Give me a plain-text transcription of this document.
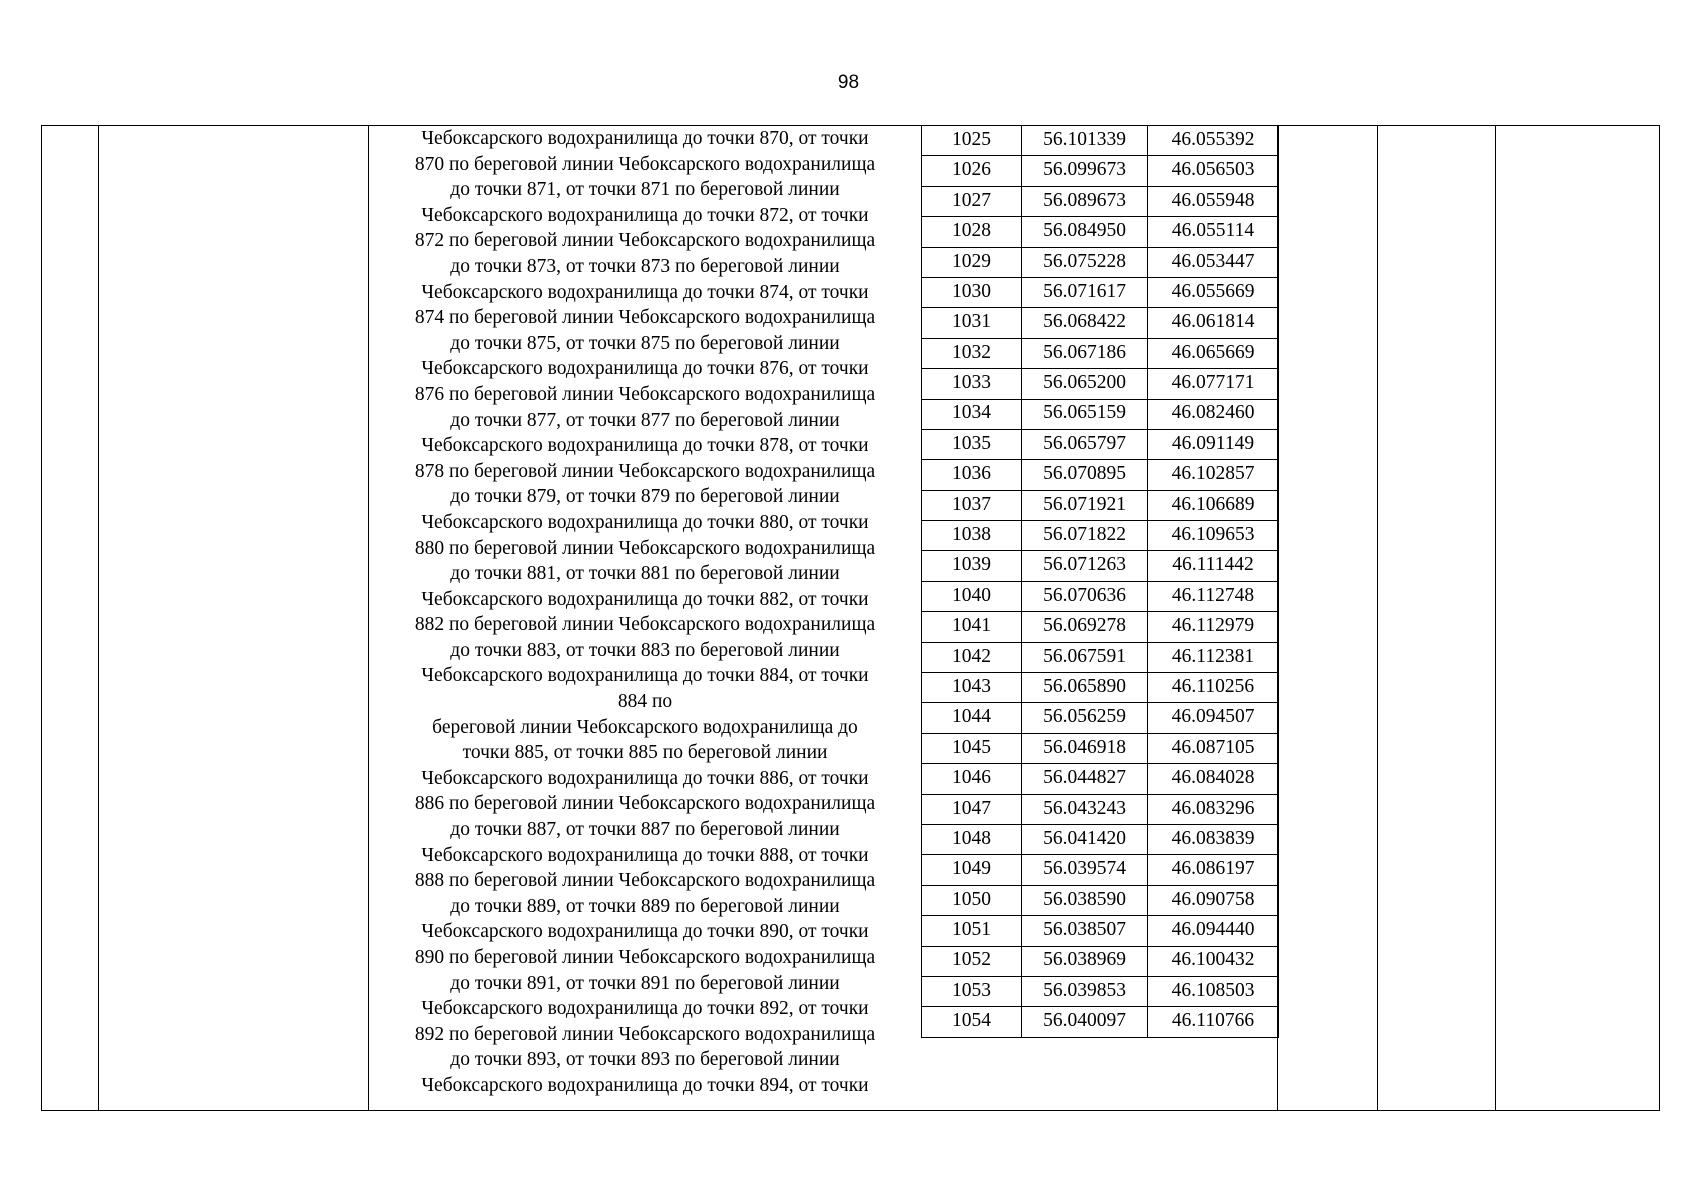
98
Чебоксарского водохранилища до точки 870, от точки
870 по береговой линии Чебоксарского водохранилища
до точки 871, от точки 871 по береговой линии
Чебоксарского водохранилища до точки 872, от точки
872 по береговой линии Чебоксарского водохранилища
до точки 873, от точки 873 по береговой линии
Чебоксарского водохранилища до точки 874, от точки
874 по береговой линии Чебоксарского водохранилища
до точки 875, от точки 875 по береговой линии
Чебоксарского водохранилища до точки 876, от точки
876 по береговой линии Чебоксарского водохранилища
до точки 877, от точки 877 по береговой линии
Чебоксарского водохранилища до точки 878, от точки
878 по береговой линии Чебоксарского водохранилища
до точки 879, от точки 879 по береговой линии
Чебоксарского водохранилища до точки 880, от точки
880 по береговой линии Чебоксарского водохранилища
до точки 881, от точки 881 по береговой линии
Чебоксарского водохранилища до точки 882, от точки
882 по береговой линии Чебоксарского водохранилища
до точки 883, от точки 883 по береговой линии
Чебоксарского водохранилища до точки 884, от точки
884 по
береговой линии Чебоксарского водохранилища до
точки 885, от точки 885 по береговой линии
Чебоксарского водохранилища до точки 886, от точки
886 по береговой линии Чебоксарского водохранилища
до точки 887, от точки 887 по береговой линии
Чебоксарского водохранилища до точки 888, от точки
888 по береговой линии Чебоксарского водохранилища
до точки 889, от точки 889 по береговой линии
Чебоксарского водохранилища до точки 890, от точки
890 по береговой линии Чебоксарского водохранилища
до точки 891, от точки 891 по береговой линии
Чебоксарского водохранилища до точки 892, от точки
892 по береговой линии Чебоксарского водохранилища
до точки 893, от точки 893 по береговой линии
Чебоксарского водохранилища до точки 894, от точки
1025	56.101339	46.055392
1026	56.099673	46.056503
1027	56.089673	46.055948
1028	56.084950	46.055114
1029	56.075228	46.053447
1030	56.071617	46.055669
1031	56.068422	46.061814
1032	56.067186	46.065669
1033	56.065200	46.077171
1034	56.065159	46.082460
1035	56.065797	46.091149
1036	56.070895	46.102857
1037	56.071921	46.106689
1038	56.071822	46.109653
1039	56.071263	46.111442
1040	56.070636	46.112748
1041	56.069278	46.112979
1042	56.067591	46.112381
1043	56.065890	46.110256
1044	56.056259	46.094507
1045	56.046918	46.087105
1046	56.044827	46.084028
1047	56.043243	46.083296
1048	56.041420	46.083839
1049	56.039574	46.086197
1050	56.038590	46.090758
1051	56.038507	46.094440
1052	56.038969	46.100432
1053	56.039853	46.108503
1054	56.040097	46.110766
